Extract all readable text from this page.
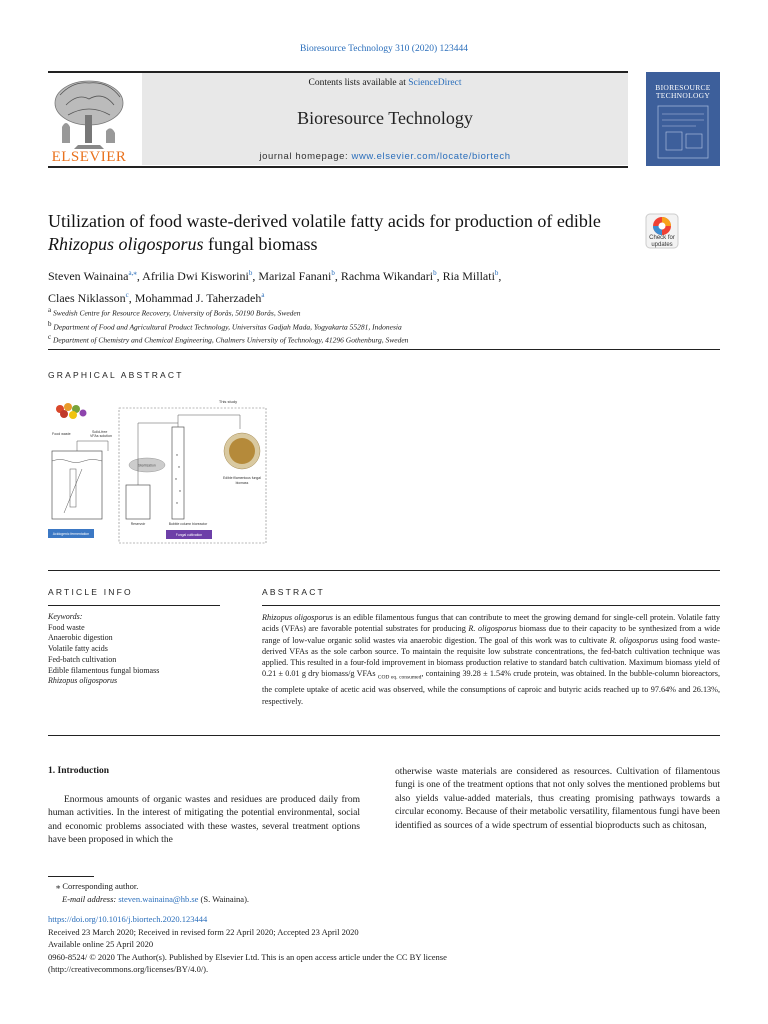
Bioresource Technology 310 (2020) 123444
Contents lists available at ScienceDirect
Bioresource Technology
journal homepage: www.elsevier.com/locate/biortech
ELSEVIER
BIORESOURCE TECHNOLOGY
Utilization of food waste-derived volatile fatty acids for production of edible
Rhizopus oligosporus fungal biomass	Check for updates
Steven Wainaina$^{a,⁎}$, Afrilia Dwi Kisworini$^b$, Marizal Fanani$^b$, Rachma Wikandari$^b$, Ria Millati$^b$,
Claes Niklasson$^c$, Mohammad J. Taherzadeh$^a$
$^a$ Swedish Centre for Resource Recovery, University of Borås, 50190 Borås, Sweden
$^b$ Department of Food and Agricultural Product Technology, Universitas Gadjah Mada, Yogyakarta 55281, Indonesia
$^c$ Department of Chemistry and Chemical Engineering, Chalmers University of Technology, 41296 Gothenburg, Sweden
GRAPHICAL ABSTRACT
This study
Food waste	Solid-free
VFAs solution
Acidogenic fermentation
Sterilization
Reservoir	Bubble column bioreactor
Fungal cultivation
Edible filamentous fungal
biomass
ARTICLE INFO
Keywords:
Food waste
Anaerobic digestion
Volatile fatty acids
Fed-batch cultivation
Edible filamentous fungal biomass
Rhizopus oligosporus
ABSTRACT
Rhizopus oligosporus is an edible filamentous fungus that can contribute to meet the growing demand for single-cell protein. Volatile fatty acids (VFAs) are favorable potential substrates for producing R. oligosporus biomass due to their capacity to be synthesized from a wide range of low-value organic solid wastes via anaerobic digestion. The goal of this work was to cultivate R. oligosporus using food waste-derived VFAs as the sole carbon source. To maintain the requisite low substrate concentrations, the fed-batch cultivation technique was applied. This resulted in a four-fold improvement in biomass production relative to standard batch cultivation. Maximum biomass yield of 0.21 ± 0.01 g dry biomass/g VFAs $_{COD eq. consumed}$, containing 39.28 ± 1.54% crude protein, was obtained. In the bubble-column bioreactors, the complete uptake of acetic acid was observed, while the consumptions of caproic and butyric acids reached up to 97.64% and 26.13%, respectively.
1. Introduction
Enormous amounts of organic wastes and residues are produced daily from human activities. In the interest of mitigating the potential environmental, social and economic problems associated with these wastes, several treatment options have been proposed in which the
otherwise waste materials are considered as resources. Cultivation of filamentous fungi is one of the treatment options that not only solves the mentioned problems but also yields value-added materials, thus creating promising pathways towards a circular economy. Because of their metabolic versatility, filamentous fungi have been identified as sources of a wide spectrum of essential bioproducts such as chitosan,
⁎ Corresponding author.
E-mail address: steven.wainaina@hb.se (S. Wainaina).
https://doi.org/10.1016/j.biortech.2020.123444
Received 23 March 2020; Received in revised form 22 April 2020; Accepted 23 April 2020
Available online 25 April 2020
0960-8524/ © 2020 The Author(s). Published by Elsevier Ltd. This is an open access article under the CC BY license
(http://creativecommons.org/licenses/BY/4.0/).
